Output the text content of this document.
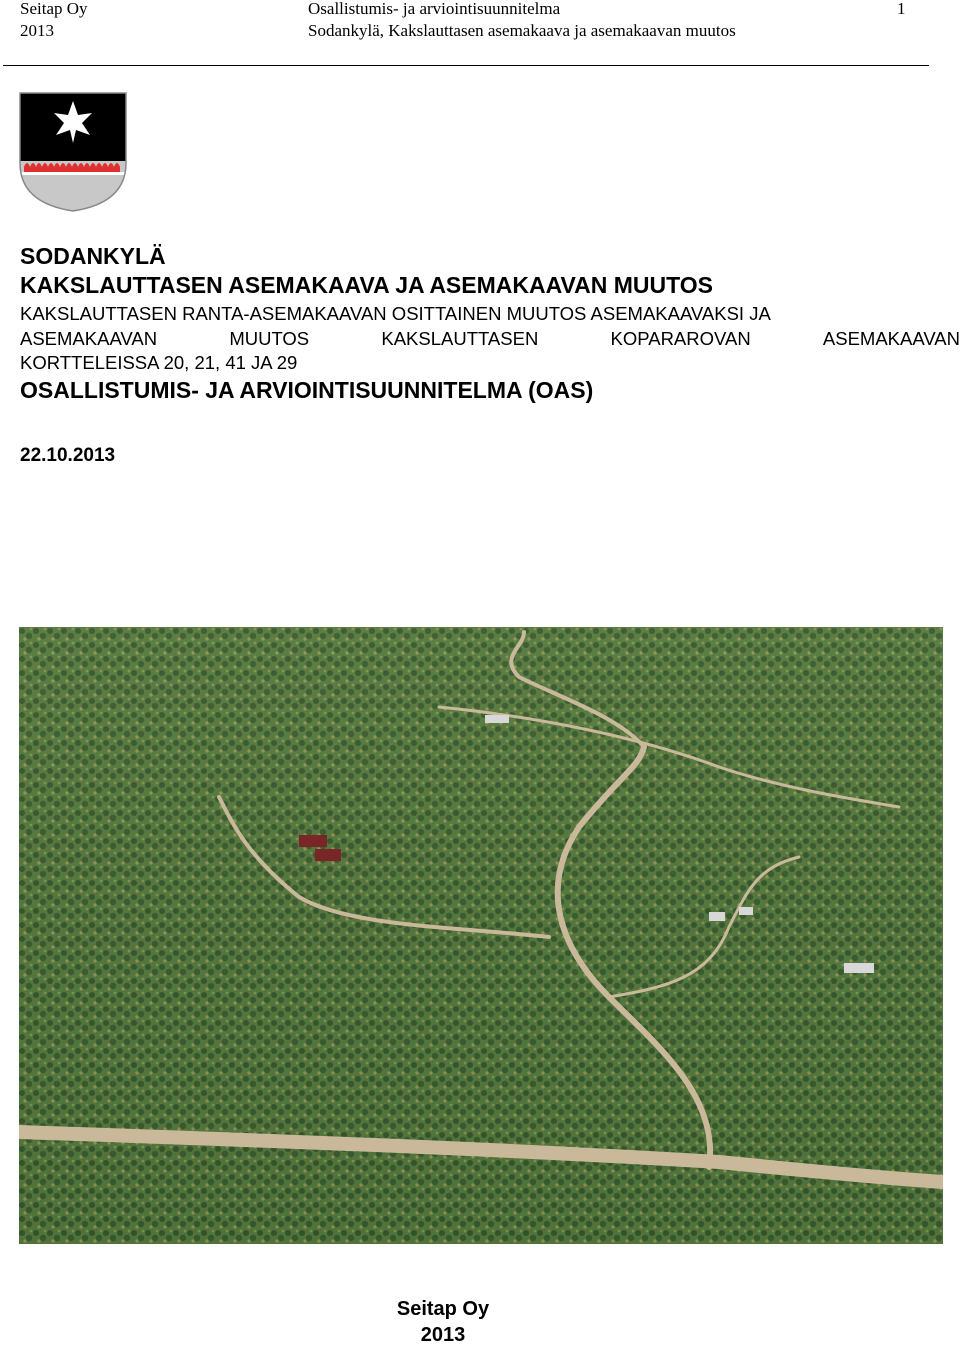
Seitap Oy
2013
Osallistumis- ja arviointisuunnitelma
Sodankylä, Kakslauttasen asemakaava ja asemakaavan muutos
1

SODANKYLÄ

KAKSLAUTTASEN ASEMAKAAVA JA ASEMAKAAVAN MUUTOS

KAKSLAUTTASEN RANTA-ASEMAKAAVAN OSITTAINEN MUUTOS ASEMAKAAVAKSI JA

ASEMAKAAVAN	MUUTOS	KAKSLAUTTASEN	KOPARAROVAN	ASEMAKAAVAN

KORTTELEISSA 20, 21, 41 JA 29

OSALLISTUMIS- JA ARVIOINTISUUNNITELMA (OAS)

22.10.2013
Seitap Oy
2013
